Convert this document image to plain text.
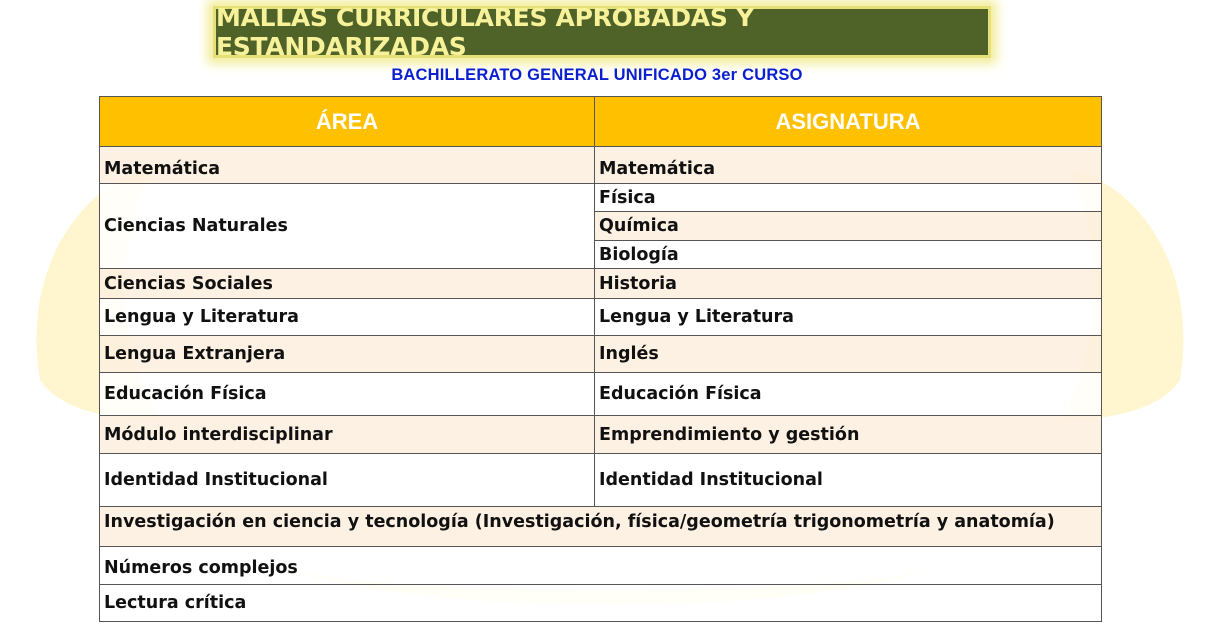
MALLAS CURRICULARES APROBADAS Y ESTANDARIZADAS
BACHILLERATO GENERAL UNIFICADO 3er CURSO
ÁREA	ASIGNATURA
Matemática	Matemática
Ciencias Naturales	Física
	Química
	Biología
Ciencias Sociales	Historia
Lengua y Literatura	Lengua y Literatura
Lengua Extranjera	Inglés
Educación Física	Educación Física
Módulo interdisciplinar	Emprendimiento y gestión
Identidad Institucional	Identidad Institucional
Investigación en ciencia y tecnología (Investigación, física/geometría trigonometría y anatomía)	
Números complejos	
Lectura crítica	
